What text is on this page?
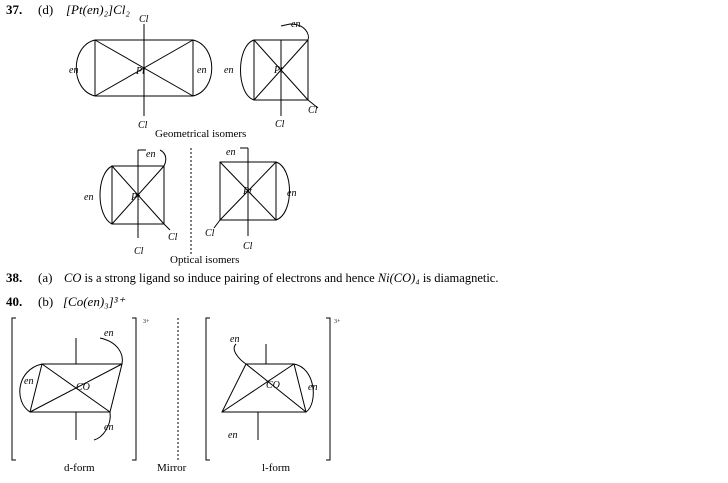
37. (d) [Pt(en)₂]Cl₂
Geometrical isomers
Optical isomers
38. (a) CO is a strong ligand so induce pairing of electrons and hence Ni(CO)₄ is diamagnetic.
40. (b) [Co(en)₃]³⁺
d-form	Mirror	l-form
Cl
Pt
en	en
Cl
en	Pt
en
Cl
Cl
en
en	Pt
Cl
Cl
en
Pt	en
Cl
Cl
3+	3+
en
en
CO
en
en
CO	en
en
